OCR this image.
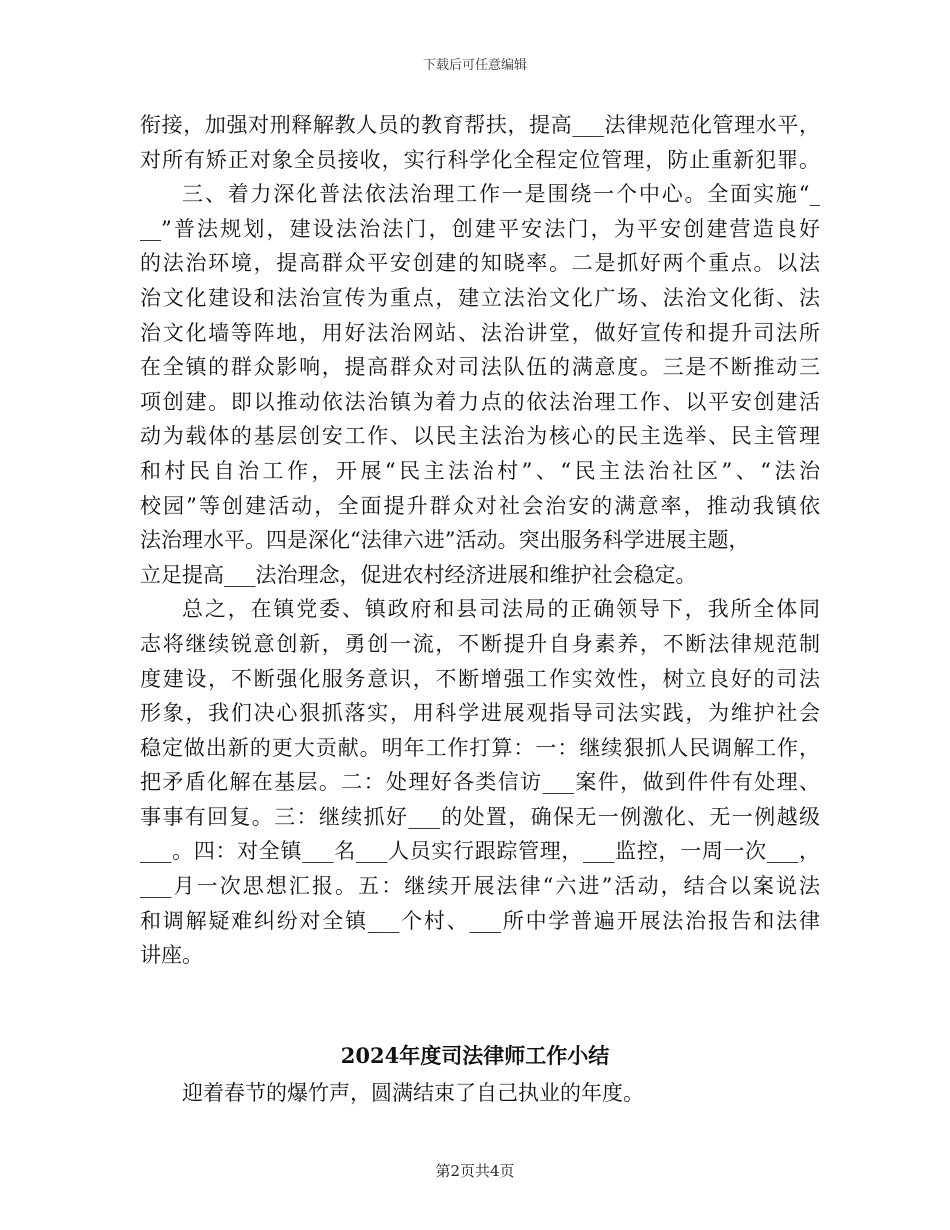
下载后可任意编辑
衔接，加强对刑释解教人员的教育帮扶，提高___法律规范化管理水平，
对所有矫正对象全员接收，实行科学化全程定位管理，防止重新犯罪。
三、着力深化普法依法治理工作一是围绕一个中心。全面实施“_
__”普法规划，建设法治法门，创建平安法门，为平安创建营造良好
的法治环境，提高群众平安创建的知晓率。二是抓好两个重点。以法
治文化建设和法治宣传为重点，建立法治文化广场、法治文化街、法
治文化墙等阵地，用好法治网站、法治讲堂，做好宣传和提升司法所
在全镇的群众影响，提高群众对司法队伍的满意度。三是不断推动三
项创建。即以推动依法治镇为着力点的依法治理工作、以平安创建活
动为载体的基层创安工作、以民主法治为核心的民主选举、民主管理
和村民自治工作，开展“民主法治村”、“民主法治社区”、“法治
校园”等创建活动，全面提升群众对社会治安的满意率，推动我镇依
法治理水平。四是深化“法律六进”活动。突出服务科学进展主题，
立足提高___法治理念，促进农村经济进展和维护社会稳定。
总之，在镇党委、镇政府和县司法局的正确领导下，我所全体同
志将继续锐意创新，勇创一流，不断提升自身素养，不断法律规范制
度建设，不断强化服务意识，不断增强工作实效性，树立良好的司法
形象，我们决心狠抓落实，用科学进展观指导司法实践，为维护社会
稳定做出新的更大贡献。明年工作打算：一：继续狠抓人民调解工作，
把矛盾化解在基层。二：处理好各类信访___案件，做到件件有处理、
事事有回复。三：继续抓好___的处置，确保无一例激化、无一例越级
___。四：对全镇___名___人员实行跟踪管理，___监控，一周一次___，
___月一次思想汇报。五：继续开展法律“六进”活动，结合以案说法
和调解疑难纠纷对全镇___个村、___所中学普遍开展法治报告和法律
讲座。
2024年度司法律师工作小结
迎着春节的爆竹声，圆满结束了自己执业的年度。
第2页共4页
